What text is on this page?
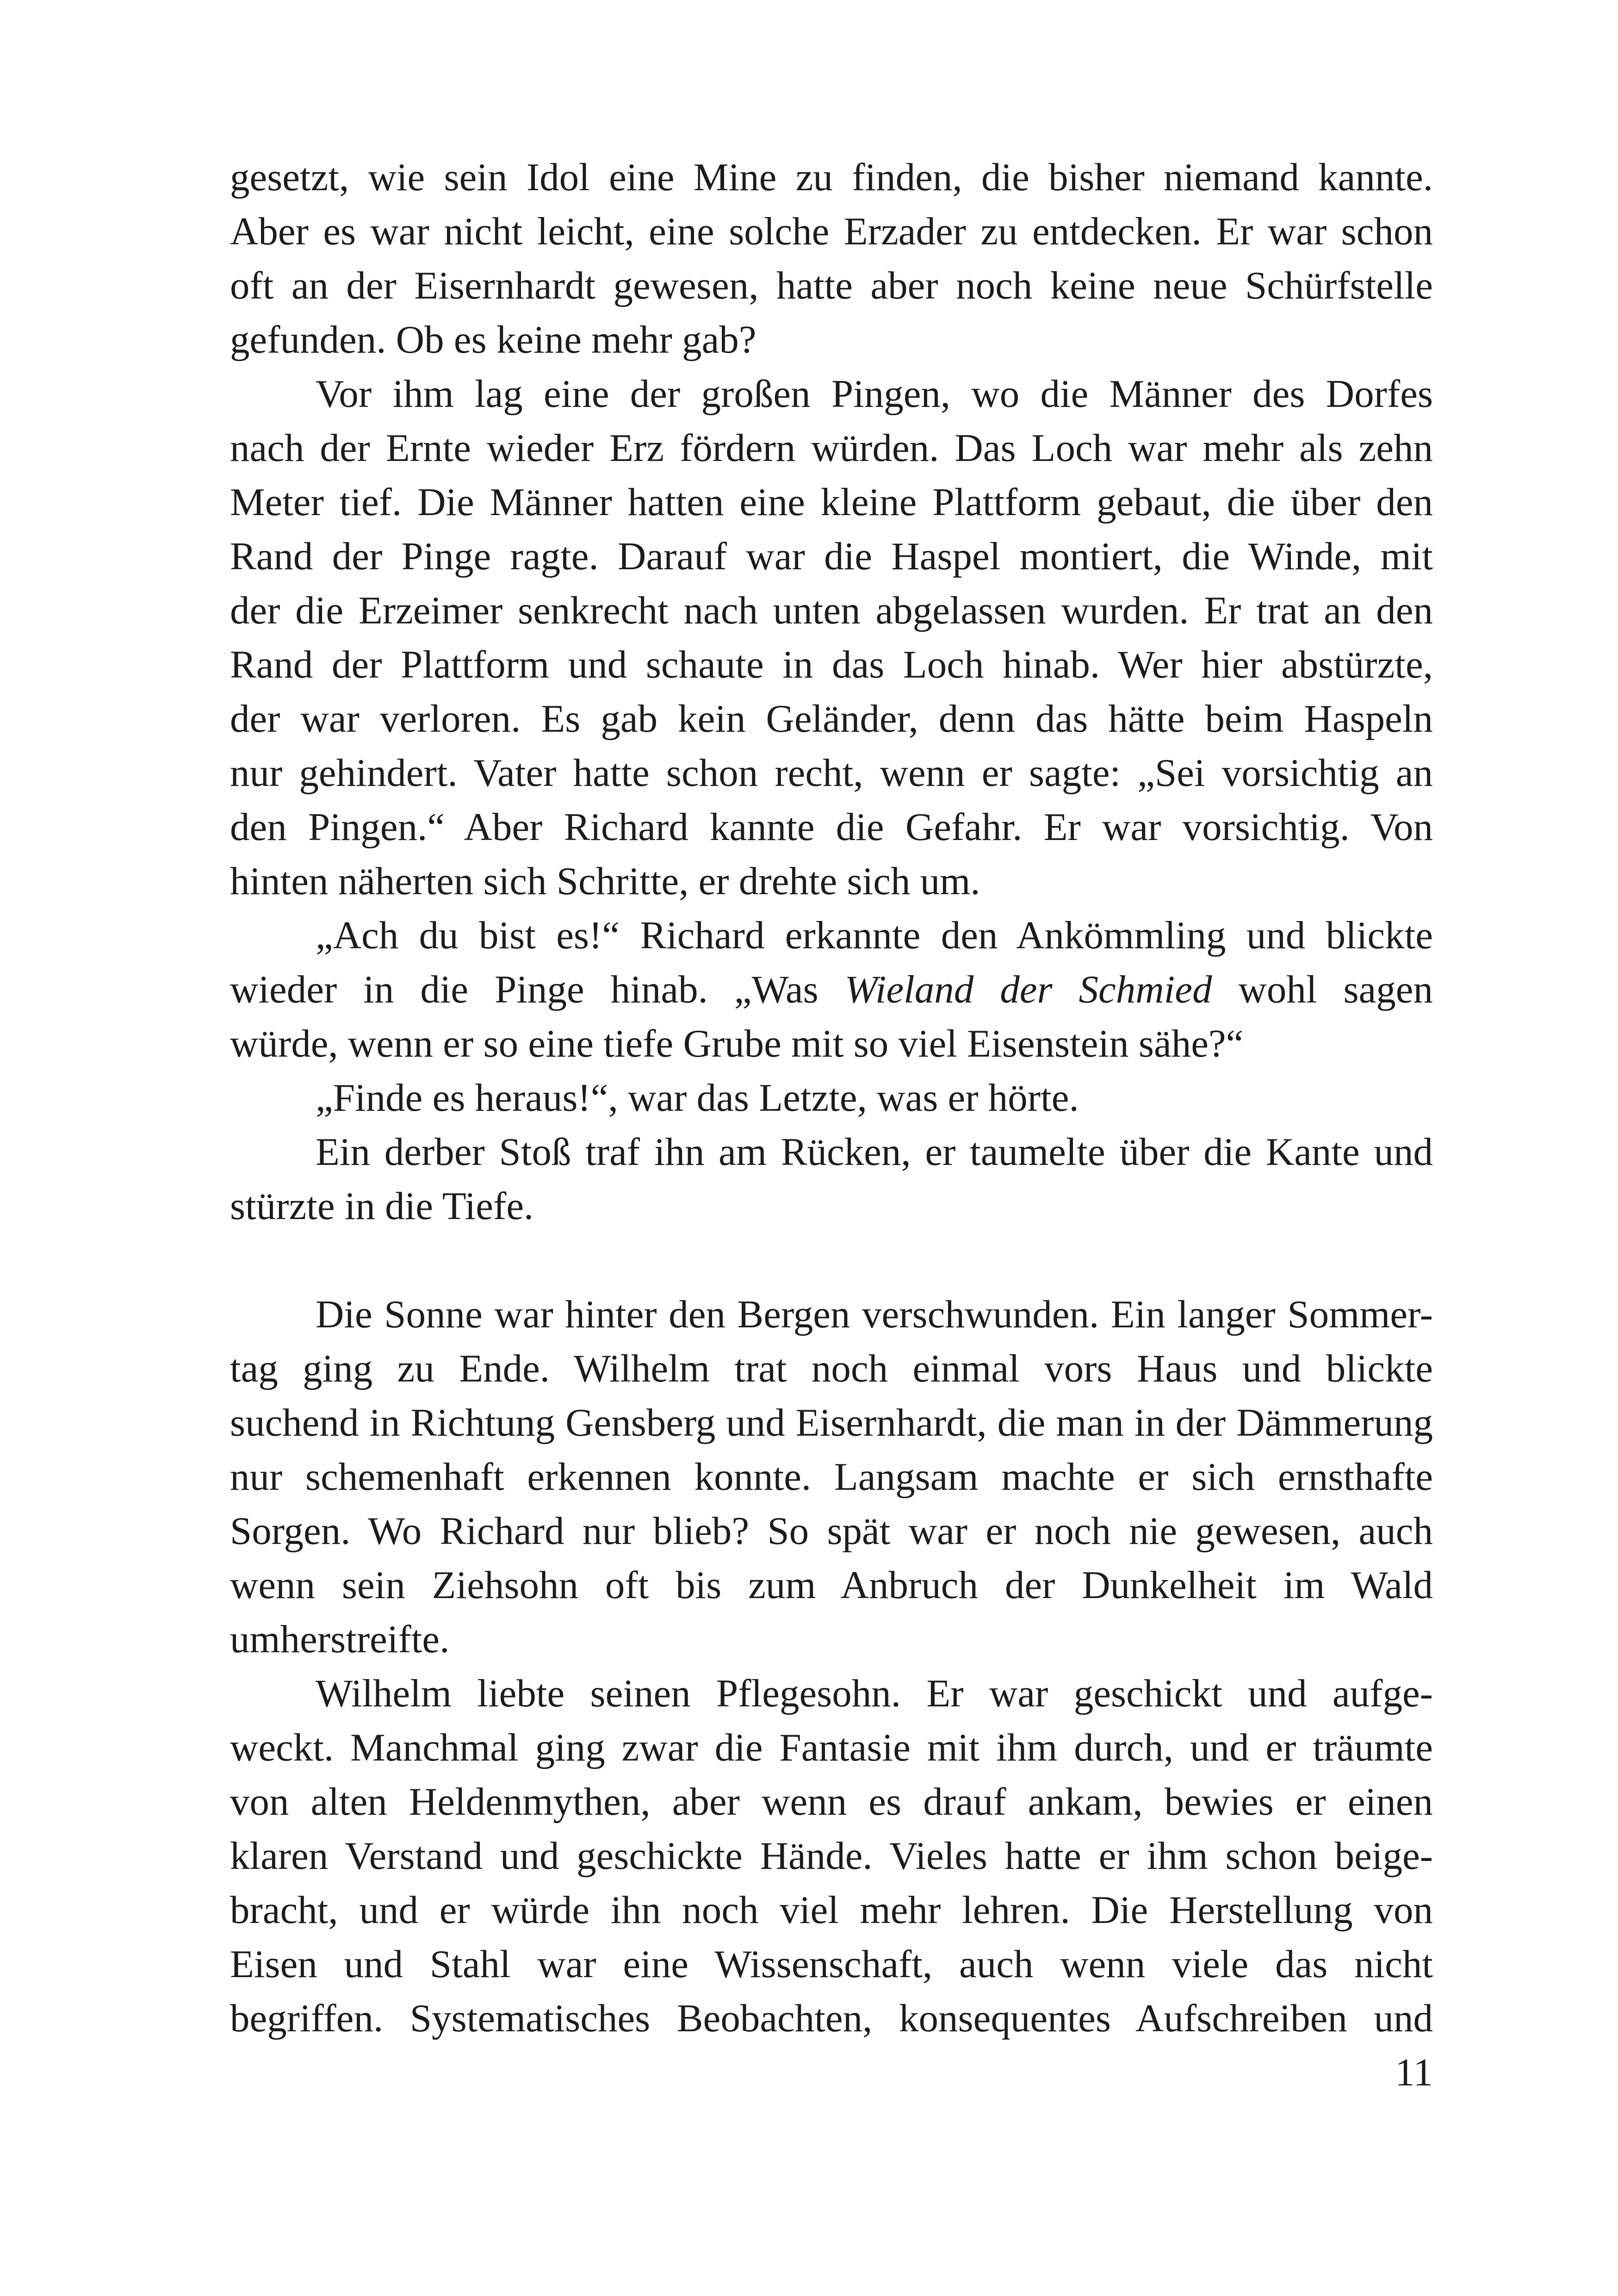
gesetzt, wie sein Idol eine Mine zu finden, die bisher niemand kannte.
Aber es war nicht leicht, eine solche Erzader zu entdecken. Er war schon
oft an der Eisernhardt gewesen, hatte aber noch keine neue Schürfstelle
gefunden. Ob es keine mehr gab?

Vor ihm lag eine der großen Pingen, wo die Männer des Dorfes
nach der Ernte wieder Erz fördern würden. Das Loch war mehr als zehn
Meter tief. Die Männer hatten eine kleine Plattform gebaut, die über den
Rand der Pinge ragte. Darauf war die Haspel montiert, die Winde, mit
der die Erzeimer senkrecht nach unten abgelassen wurden. Er trat an den
Rand der Plattform und schaute in das Loch hinab. Wer hier abstürzte,
der war verloren. Es gab kein Geländer, denn das hätte beim Haspeln
nur gehindert. Vater hatte schon recht, wenn er sagte: „Sei vorsichtig an
den Pingen.“ Aber Richard kannte die Gefahr. Er war vorsichtig. Von
hinten näherten sich Schritte, er drehte sich um.

„Ach du bist es!“ Richard erkannte den Ankömmling und blickte
wieder in die Pinge hinab. „Was Wieland der Schmied wohl sagen
würde, wenn er so eine tiefe Grube mit so viel Eisenstein sähe?“

„Finde es heraus!“, war das Letzte, was er hörte.

Ein derber Stoß traf ihn am Rücken, er taumelte über die Kante und
stürzte in die Tiefe.

Die Sonne war hinter den Bergen verschwunden. Ein langer Sommer-
tag ging zu Ende. Wilhelm trat noch einmal vors Haus und blickte
suchend in Richtung Gensberg und Eisernhardt, die man in der Dämmerung
nur schemenhaft erkennen konnte. Langsam machte er sich ernsthafte
Sorgen. Wo Richard nur blieb? So spät war er noch nie gewesen, auch
wenn sein Ziehsohn oft bis zum Anbruch der Dunkelheit im Wald
umherstreifte.

Wilhelm liebte seinen Pflegesohn. Er war geschickt und aufge-
weckt. Manchmal ging zwar die Fantasie mit ihm durch, und er träumte
von alten Heldenmythen, aber wenn es drauf ankam, bewies er einen
klaren Verstand und geschickte Hände. Vieles hatte er ihm schon beige-
bracht, und er würde ihn noch viel mehr lehren. Die Herstellung von
Eisen und Stahl war eine Wissenschaft, auch wenn viele das nicht
begriffen. Systematisches Beobachten, konsequentes Aufschreiben und

11
